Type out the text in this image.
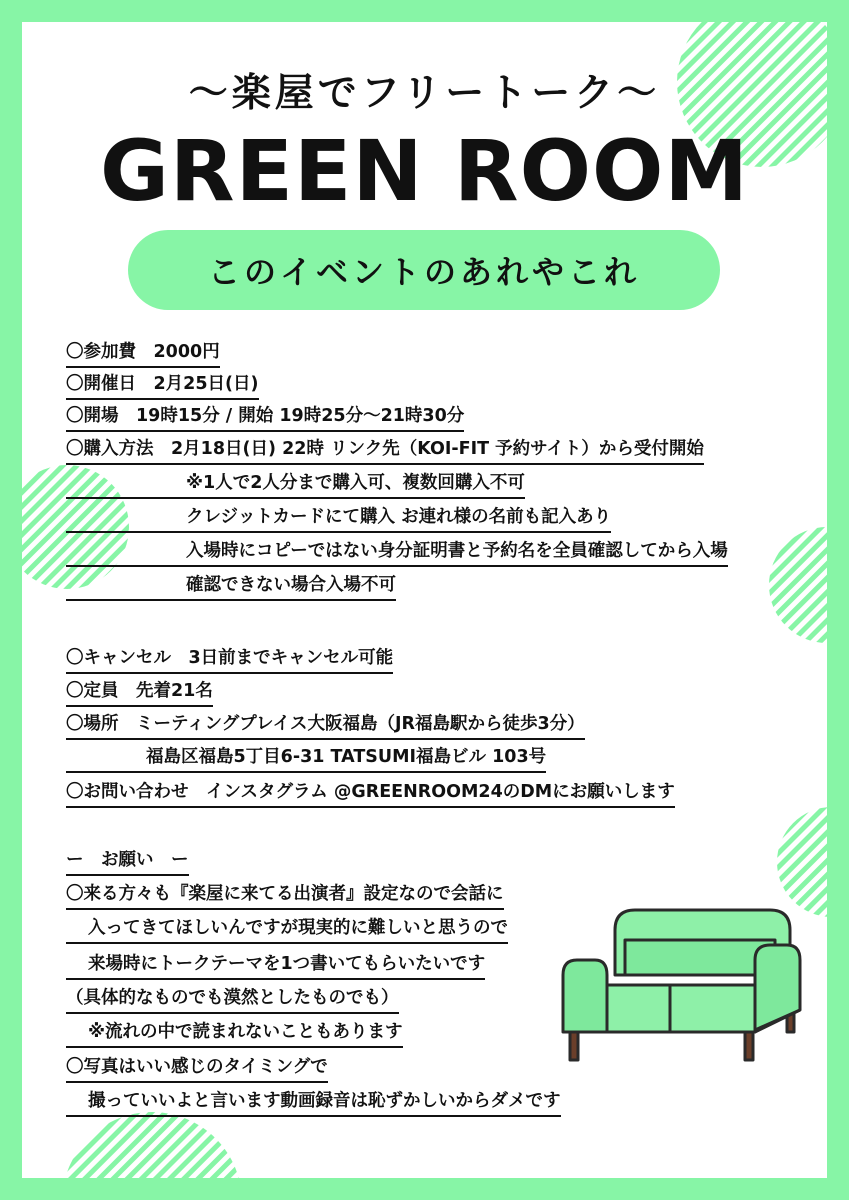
～楽屋でフリートーク～
GREEN ROOM
このイベントのあれやこれ
〇参加費　2000円
〇開催日　2月25日(日)
〇開場　19時15分 / 開始 19時25分～21時30分
〇購入方法　2月18日(日) 22時 リンク先（KOI-FIT 予約サイト）から受付開始
※1人で2人分まで購入可、複数回購入不可
クレジットカードにて購入 お連れ様の名前も記入あり
入場時にコピーではない身分証明書と予約名を全員確認してから入場
確認できない場合入場不可
〇キャンセル　3日前までキャンセル可能
〇定員　先着21名
〇場所　ミーティングプレイス大阪福島（JR福島駅から徒歩3分）
福島区福島5丁目6-31 TATSUMI福島ビル 103号
〇お問い合わせ　インスタグラム @GREENROOM24のDMにお願いします
ー　お願い　ー
〇来る方々も『楽屋に来てる出演者』設定なので会話に
入ってきてほしいんですが現実的に難しいと思うので
来場時にトークテーマを1つ書いてもらいたいです
（具体的なものでも漠然としたものでも）
※流れの中で読まれないこともあります
〇写真はいい感じのタイミングで
撮っていいよと言います動画録音は恥ずかしいからダメです
